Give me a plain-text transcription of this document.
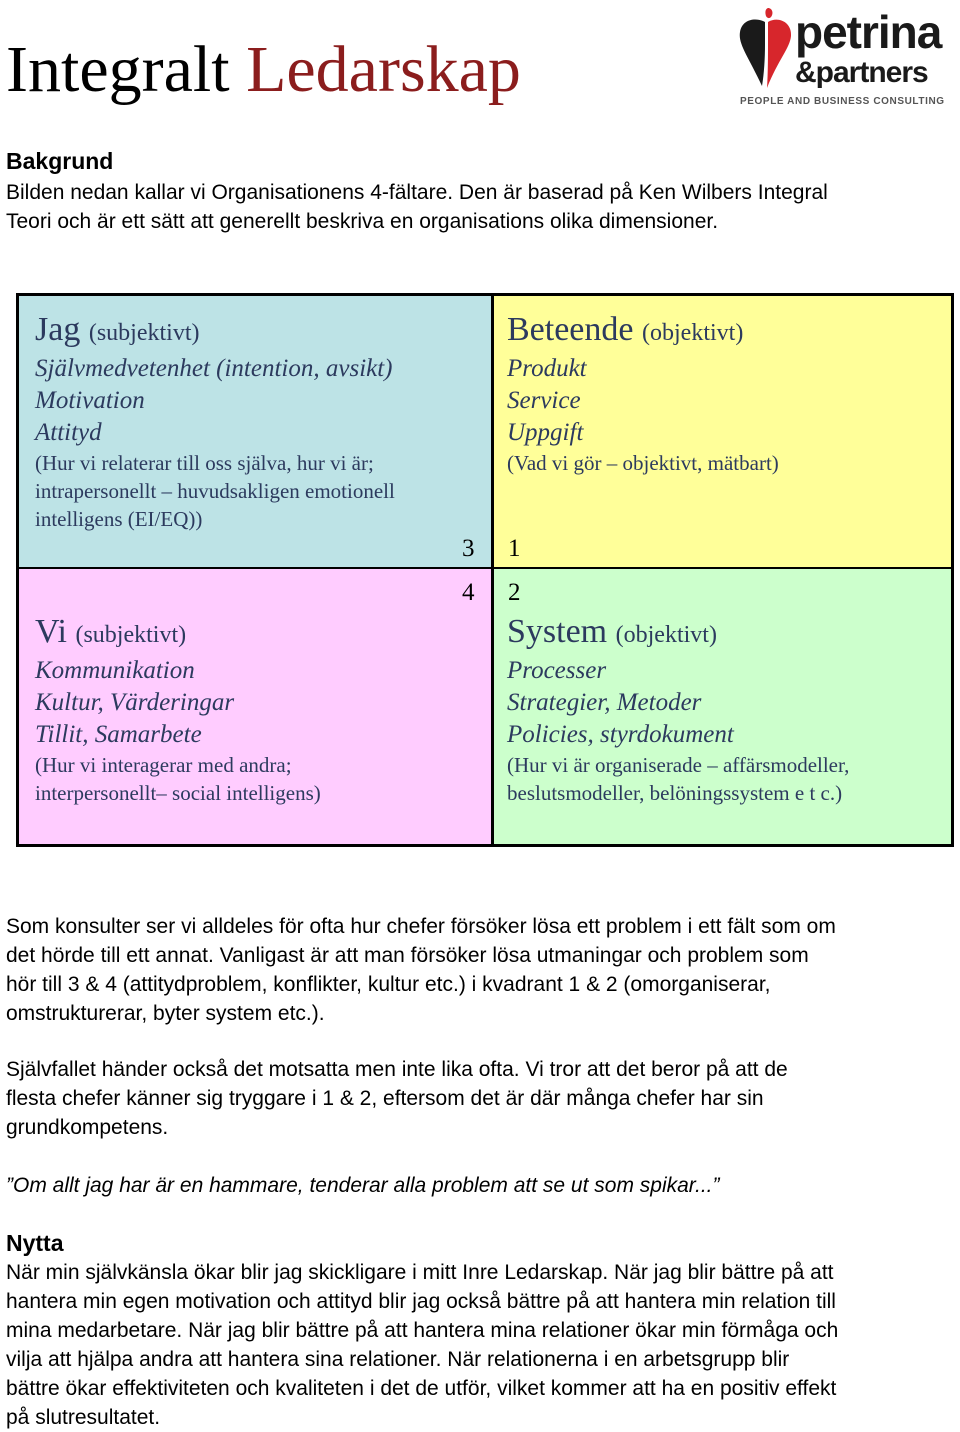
Integralt Ledarskap
petrina
&partners
PEOPLE AND BUSINESS CONSULTING
Bakgrund
Bilden nedan kallar vi Organisationens 4-fältare. Den är baserad på Ken Wilbers Integral
Teori och är ett sätt att generellt beskriva en organisations olika dimensioner.

Jag (subjektivt)

Självmedvetenhet (intention, avsikt)

Motivation

Attityd

(Hur vi relaterar till oss själva, hur vi är;

intrapersonellt – huvudsakligen emotionell

intelligens (EI/EQ))

3

Beteende (objektivt)

Produkt

Service

Uppgift

(Vad vi gör – objektivt, mätbart)

1
4

Vi (subjektivt)

Kommunikation

Kultur, Värderingar

Tillit, Samarbete

(Hur vi interagerar med andra;

interpersonellt– social intelligens)

2

System (objektivt)

Processer

Strategier, Metoder

Policies, styrdokument

(Hur vi är organiserade – affärsmodeller,

beslutsmodeller, belöningssystem e t c.)

Som konsulter ser vi alldeles för ofta hur chefer försöker lösa ett problem i ett fält som om
det hörde till ett annat. Vanligast är att man försöker lösa utmaningar och problem som
hör till 3 & 4 (attitydproblem, konflikter, kultur etc.) i kvadrant 1 & 2 (omorganiserar,
omstrukturerar, byter system etc.).
Självfallet händer också det motsatta men inte lika ofta. Vi tror att det beror på att de
flesta chefer känner sig tryggare i 1 & 2, eftersom det är där många chefer har sin
grundkompetens.
”Om allt jag har är en hammare, tenderar alla problem att se ut som spikar...”
Nytta
När min självkänsla ökar blir jag skickligare i mitt Inre Ledarskap. När jag blir bättre på att
hantera min egen motivation och attityd blir jag också bättre på att hantera min relation till
mina medarbetare. När jag blir bättre på att hantera mina relationer ökar min förmåga och
vilja att hjälpa andra att hantera sina relationer. När relationerna i en arbetsgrupp blir
bättre ökar effektiviteten och kvaliteten i det de utför, vilket kommer att ha en positiv effekt
på slutresultatet.
